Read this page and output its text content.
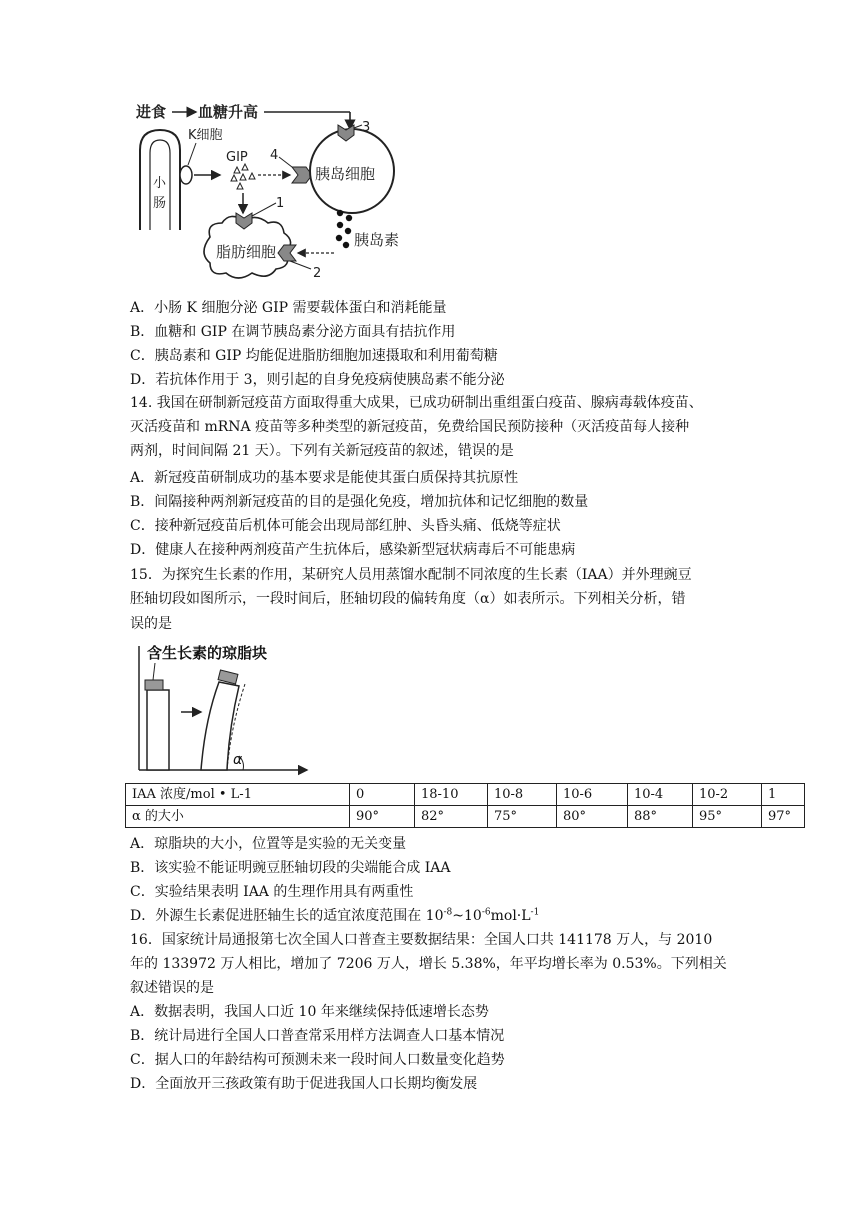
进食 血糖升高
小
肠
K细胞
GIP 4
胰岛细胞
3
胰岛素
脂肪细胞
1
2
A．小肠 K 细胞分泌 GIP 需要载体蛋白和消耗能量
B．血糖和 GIP 在调节胰岛素分泌方面具有拮抗作用
C．胰岛素和 GIP 均能促进脂肪细胞加速摄取和利用葡萄糖
D．若抗体作用于 3，则引起的自身免疫病使胰岛素不能分泌
14. 我国在研制新冠疫苗方面取得重大成果，已成功研制出重组蛋白疫苗、腺病毒载体疫苗、
灭活疫苗和 mRNA 疫苗等多种类型的新冠疫苗，免费给国民预防接种（灭活疫苗每人接种
两剂，时间间隔 21 天）。下列有关新冠疫苗的叙述，错误的是
A．新冠疫苗研制成功的基本要求是能使其蛋白质保持其抗原性
B．间隔接种两剂新冠疫苗的目的是强化免疫，增加抗体和记忆细胞的数量
C．接种新冠疫苗后机体可能会出现局部红肿、头昏头痛、低烧等症状
D．健康人在接种两剂疫苗产生抗体后，感染新型冠状病毒后不可能患病
15．为探究生长素的作用，某研究人员用蒸馏水配制不同浓度的生长素（IAA）并外理豌豆
胚轴切段如图所示，一段时间后，胚轴切段的偏转角度（α）如表所示。下列相关分析，错
误的是
含生长素的琼脂块
α
IAA 浓度/mol • L-1	0	18-10	10-8	10-6	10-4	10-2	1
α 的大小	90°	82°	75°	80°	88°	95°	97°
A．琼脂块的大小，位置等是实验的无关变量
B．该实验不能证明豌豆胚轴切段的尖端能合成 IAA
C．实验结果表明 IAA 的生理作用具有两重性
D．外源生长素促进胚轴生长的适宜浓度范围在 $10^{-8}\sim 10^{-6}mol\cdot L^{-1}$
16．国家统计局通报第七次全国人口普查主要数据结果：全国人口共 141178 万人，与 2010
年的 133972 万人相比，增加了 7206 万人，增长 5.38%，年平均增长率为 0.53%。下列相关
叙述错误的是
A．数据表明，我国人口近 10 年来继续保持低速增长态势
B．统计局进行全国人口普查常采用样方法调查人口基本情况
C．据人口的年龄结构可预测未来一段时间人口数量变化趋势
D．全面放开三孩政策有助于促进我国人口长期均衡发展
